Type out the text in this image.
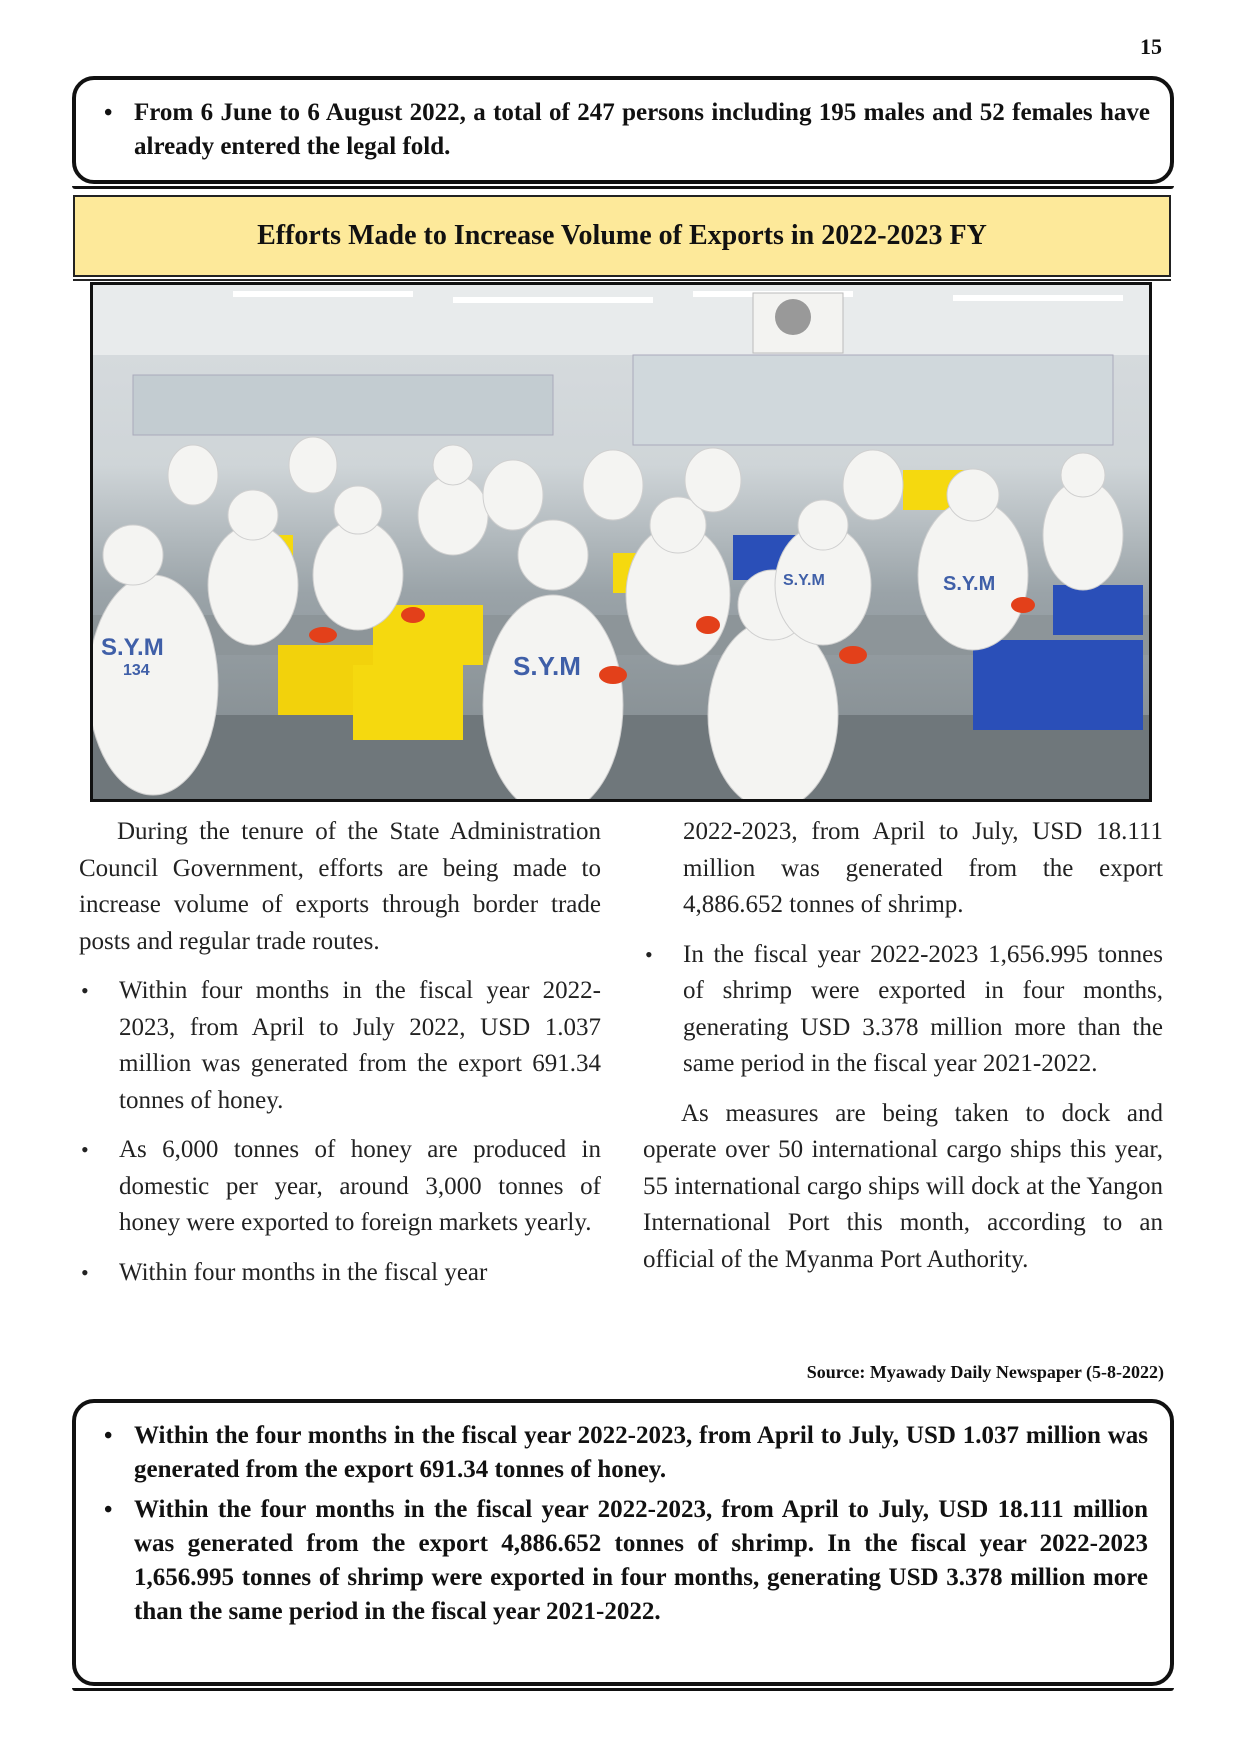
15
• From 6 June to 6 August 2022, a total of 247 persons including 195 males and 52 females have already entered the legal fold.
Efforts Made to Increase Volume of Exports in 2022-2023 FY
S.Y.M
134	S.Y.M
S.Y.M
S.Y.M

During the tenure of the State Administration Council Government, efforts are being made to increase volume of exports through border trade posts and regular trade routes.

• Within four months in the fiscal year 2022-2023, from April to July 2022, USD 1.037 million was generated from the export 691.34 tonnes of honey.
• As 6,000 tonnes of honey are produced in domestic per year, around 3,000 tonnes of honey were exported to foreign markets yearly.
• Within four months in the fiscal year

2022-2023, from April to July, USD 18.111 million was generated from the export 4,886.652 tonnes of shrimp.

• In the fiscal year 2022-2023 1,656.995 tonnes of shrimp were exported in four months, generating USD 3.378 million more than the same period in the fiscal year 2021-2022.

As measures are being taken to dock and operate over 50 international cargo ships this year, 55 international cargo ships will dock at the Yangon International Port this month, according to an official of the Myanma Port Authority.

Source: Myawady Daily Newspaper (5-8-2022)
• Within the four months in the fiscal year 2022-2023, from April to July, USD 1.037 million was generated from the export 691.34 tonnes of honey.
• Within the four months in the fiscal year 2022-2023, from April to July, USD 18.111 million was generated from the export 4,886.652 tonnes of shrimp. In the fiscal year 2022-2023 1,656.995 tonnes of shrimp were exported in four months, generating USD 3.378 million more than the same period in the fiscal year 2021-2022.
